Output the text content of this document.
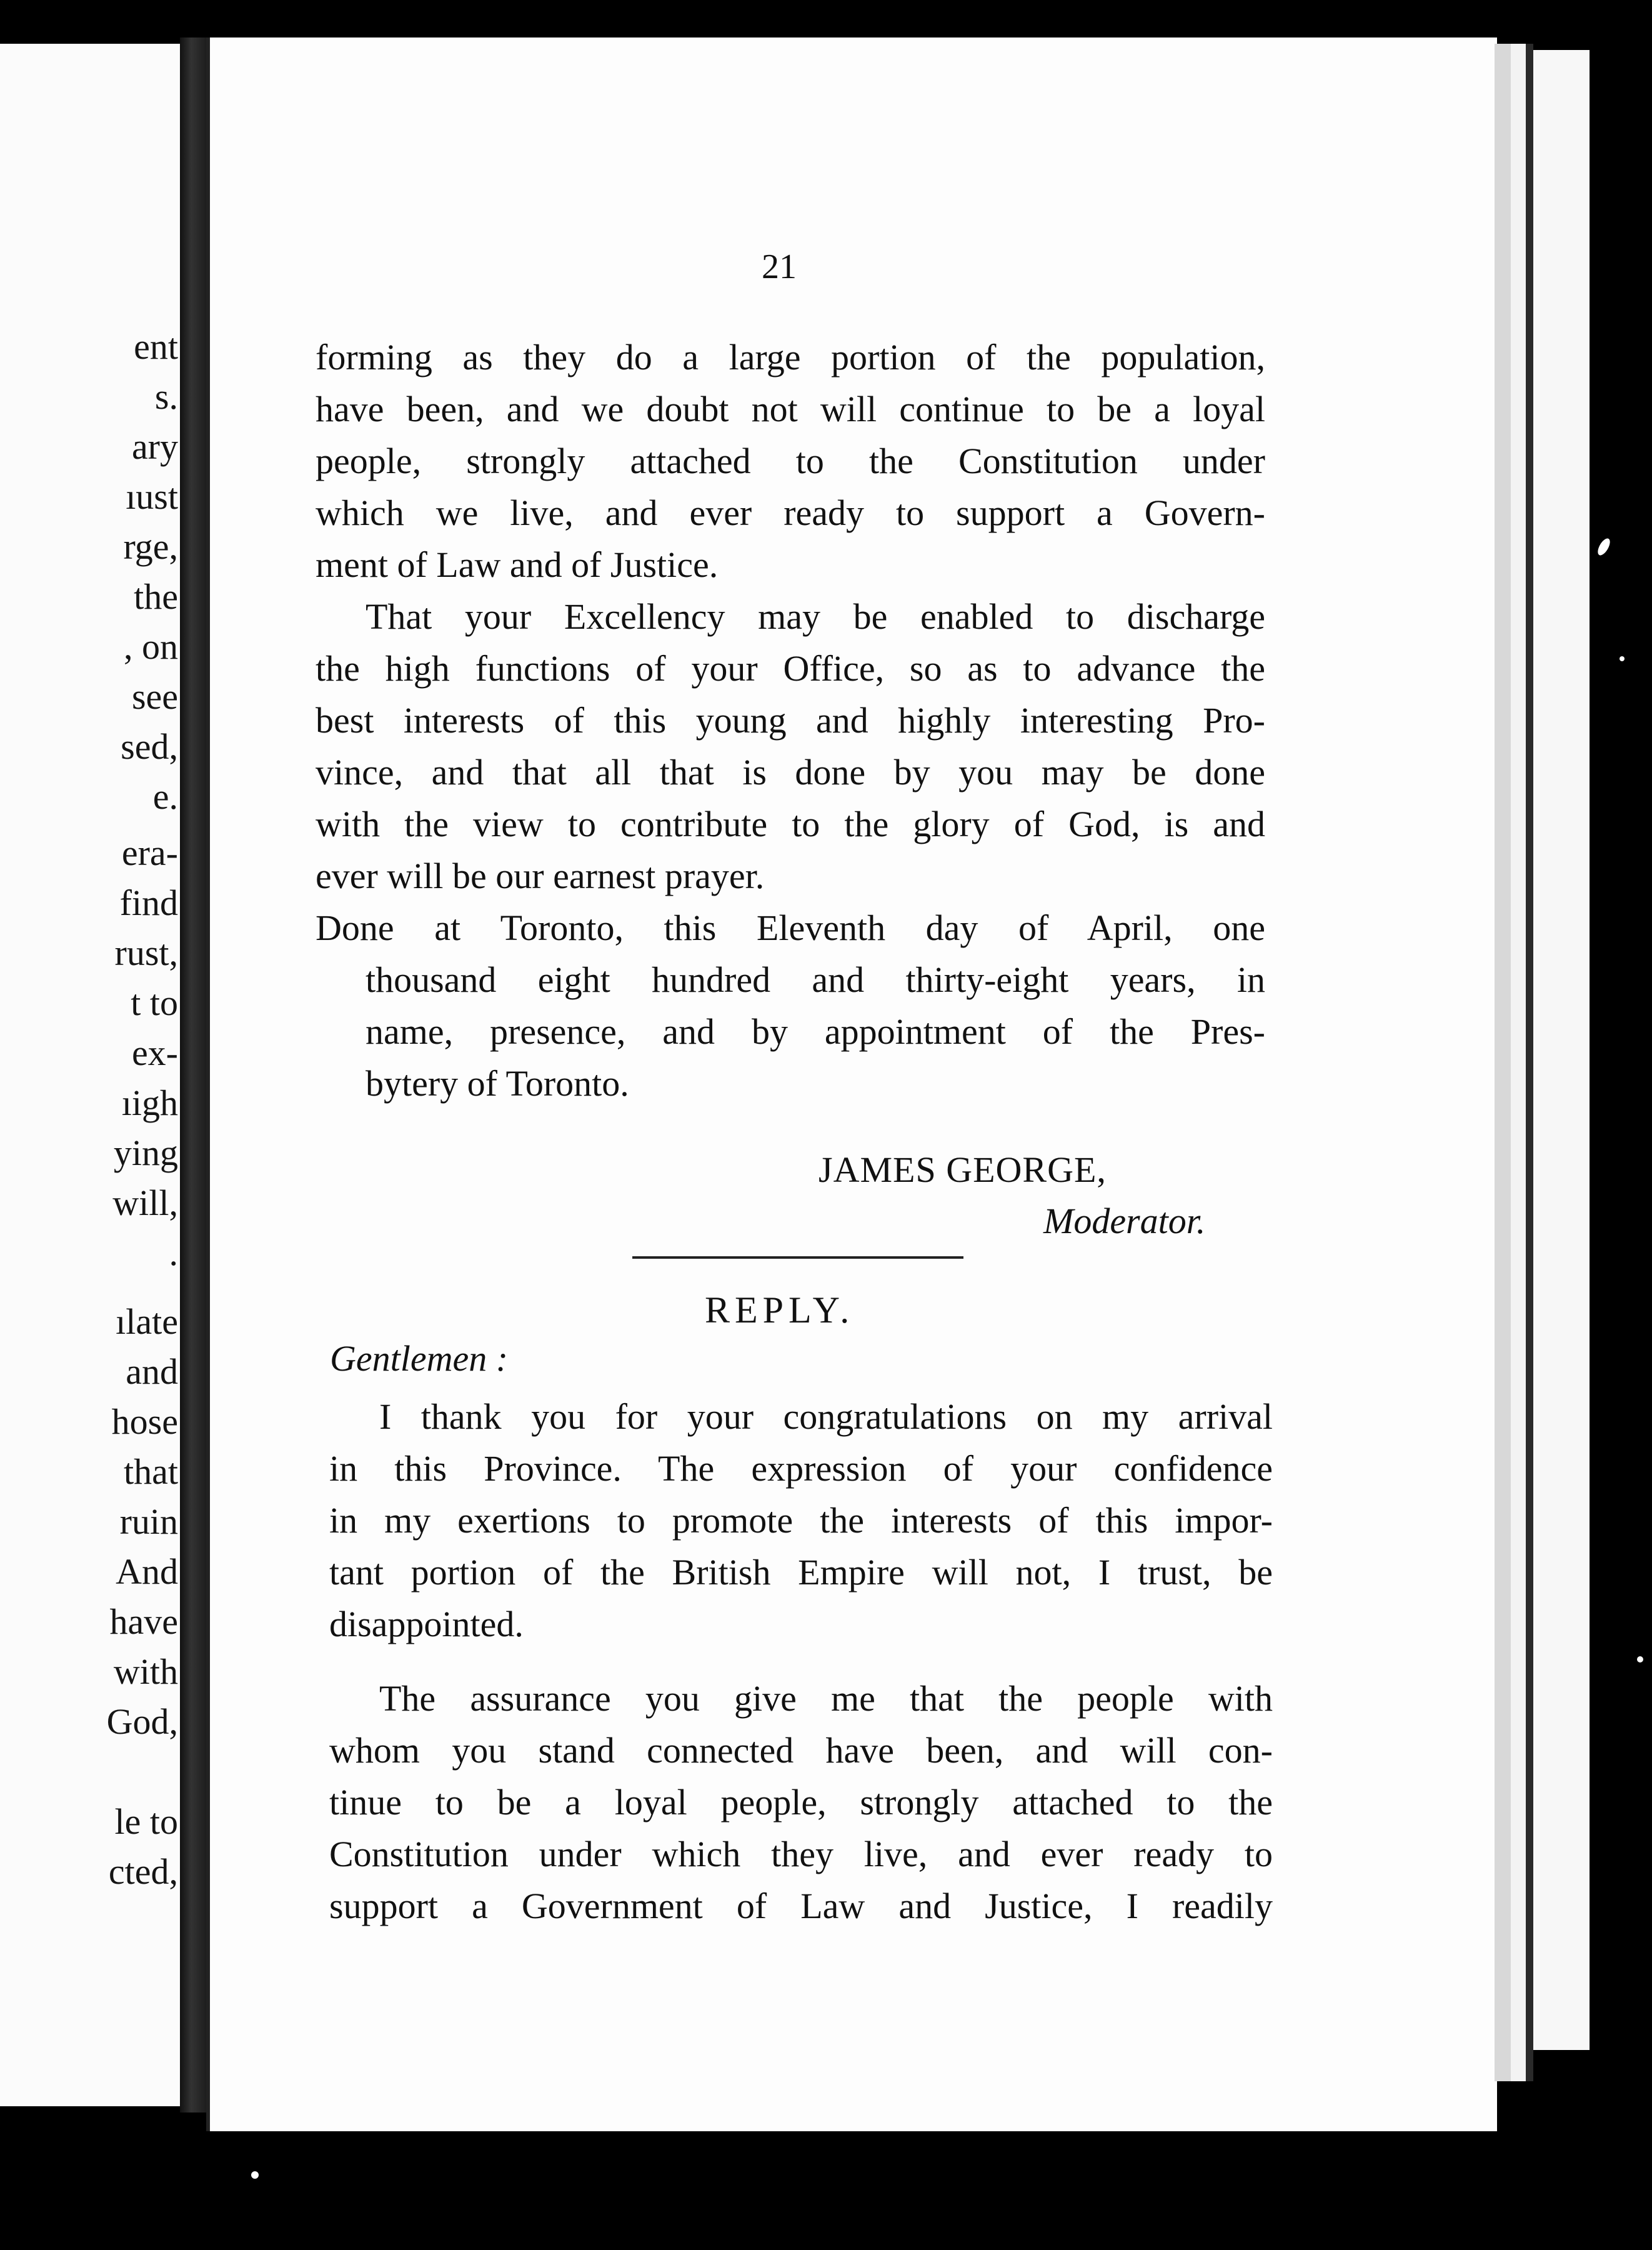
ent
s.
ary
ıust
rge,
the
, on
see
sed,
e.
era-
find
rust,
t to
ex-
ıigh
ying
will,
.
ılate
and
hose
that
ruin
And
have
with
God,
le to
cted,
21

forming as they do a large portion of the population,
have been, and we doubt not will continue to be a loyal
people, strongly attached to the Constitution under
which we live, and ever ready to support a Govern-
ment of Law and of Justice.

That your Excellency may be enabled to discharge
the high functions of your Office, so as to advance the
best interests of this young and highly interesting Pro-
vince, and that all that is done by you may be done
with the view to contribute to the glory of God, is and
ever will be our earnest prayer.

Done at Toronto, this Eleventh day of April, one
thousand eight hundred and thirty-eight years, in
name, presence, and by appointment of the Pres-
bytery of Toronto.

JAMES GEORGE,
Moderator.
REPLY.
Gentlemen :

I thank you for your congratulations on my arrival
in this Province. The expression of your confidence
in my exertions to promote the interests of this impor-
tant portion of the British Empire will not, I trust, be
disappointed.

The assurance you give me that the people with
whom you stand connected have been, and will con-
tinue to be a loyal people, strongly attached to the
Constitution under which they live, and ever ready to
support a Government of Law and Justice, I readily
